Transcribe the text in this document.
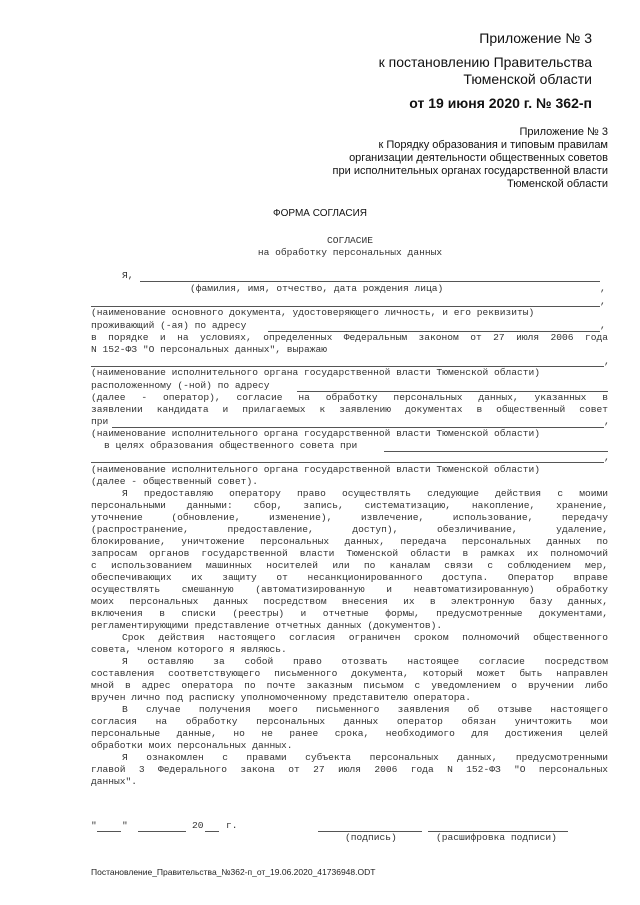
Приложение № 3
к постановлению Правительства
Тюменской области
от 19 июня 2020 г. № 362-п
Приложение № 3
к Порядку образования и типовым правилам
организации деятельности общественных советов
при исполнительных органах государственной власти
Тюменской области
ФОРМА СОГЛАСИЯ
СОГЛАСИЕ
на обработку персональных данных
Я,
,
(фамилия, имя, отчество, дата рождения лица)
,
(наименование основного документа, удостоверяющего личность, и его реквизиты)
проживающий (-ая) по адресу	,
в порядке и на условиях, определенных Федеральным законом от 27 июля 2006 года
N 152-ФЗ "О персональных данных", выражаю
,
(наименование исполнительного органа государственной власти Тюменской области)
расположенному (-ной) по адресу
(далее - оператор), согласие на обработку персональных данных, указанных в
заявлении кандидата и прилагаемых к заявлению документах в общественный совет
при	,
(наименование исполнительного органа государственной власти Тюменской области)
в целях образования общественного совета при
,
(наименование исполнительного органа государственной власти Тюменской области)
(далее - общественный совет).
Я предоставляю оператору право осуществлять следующие действия с моими
персональными данными: сбор, запись, систематизацию, накопление, хранение,
уточнение (обновление, изменение), извлечение, использование, передачу
(распространение, предоставление, доступ), обезличивание, удаление,
блокирование, уничтожение персональных данных, передача персональных данных по
запросам органов государственной власти Тюменской области в рамках их полномочий
с использованием машинных носителей или по каналам связи с соблюдением мер,
обеспечивающих их защиту от несанкционированного доступа. Оператор вправе
осуществлять смешанную (автоматизированную и неавтоматизированную) обработку
моих персональных данных посредством внесения их в электронную базу данных,
включения в списки (реестры) и отчетные формы, предусмотренные документами,
регламентирующими представление отчетных данных (документов).
Срок действия настоящего согласия ограничен сроком полномочий общественного
совета, членом которого я являюсь.
Я оставляю за собой право отозвать настоящее согласие посредством
составления соответствующего письменного документа, который может быть направлен
мной в адрес оператора по почте заказным письмом с уведомлением о вручении либо
вручен лично под расписку уполномоченному представителю оператора.
В случае получения моего письменного заявления об отзыве настоящего
согласия на обработку персональных данных оператор обязан уничтожить мои
персональные данные, но не ранее срока, необходимого для достижения целей
обработки моих персональных данных.
Я ознакомлен с правами субъекта персональных данных, предусмотренными
главой 3 Федерального закона от 27 июля 2006 года N 152-ФЗ "О персональных
данных".
"	"	20 г.
(подпись)	(расшифровка подписи)
Постановление_Правительства_№362-п_от_19.06.2020_41736948.ODT
